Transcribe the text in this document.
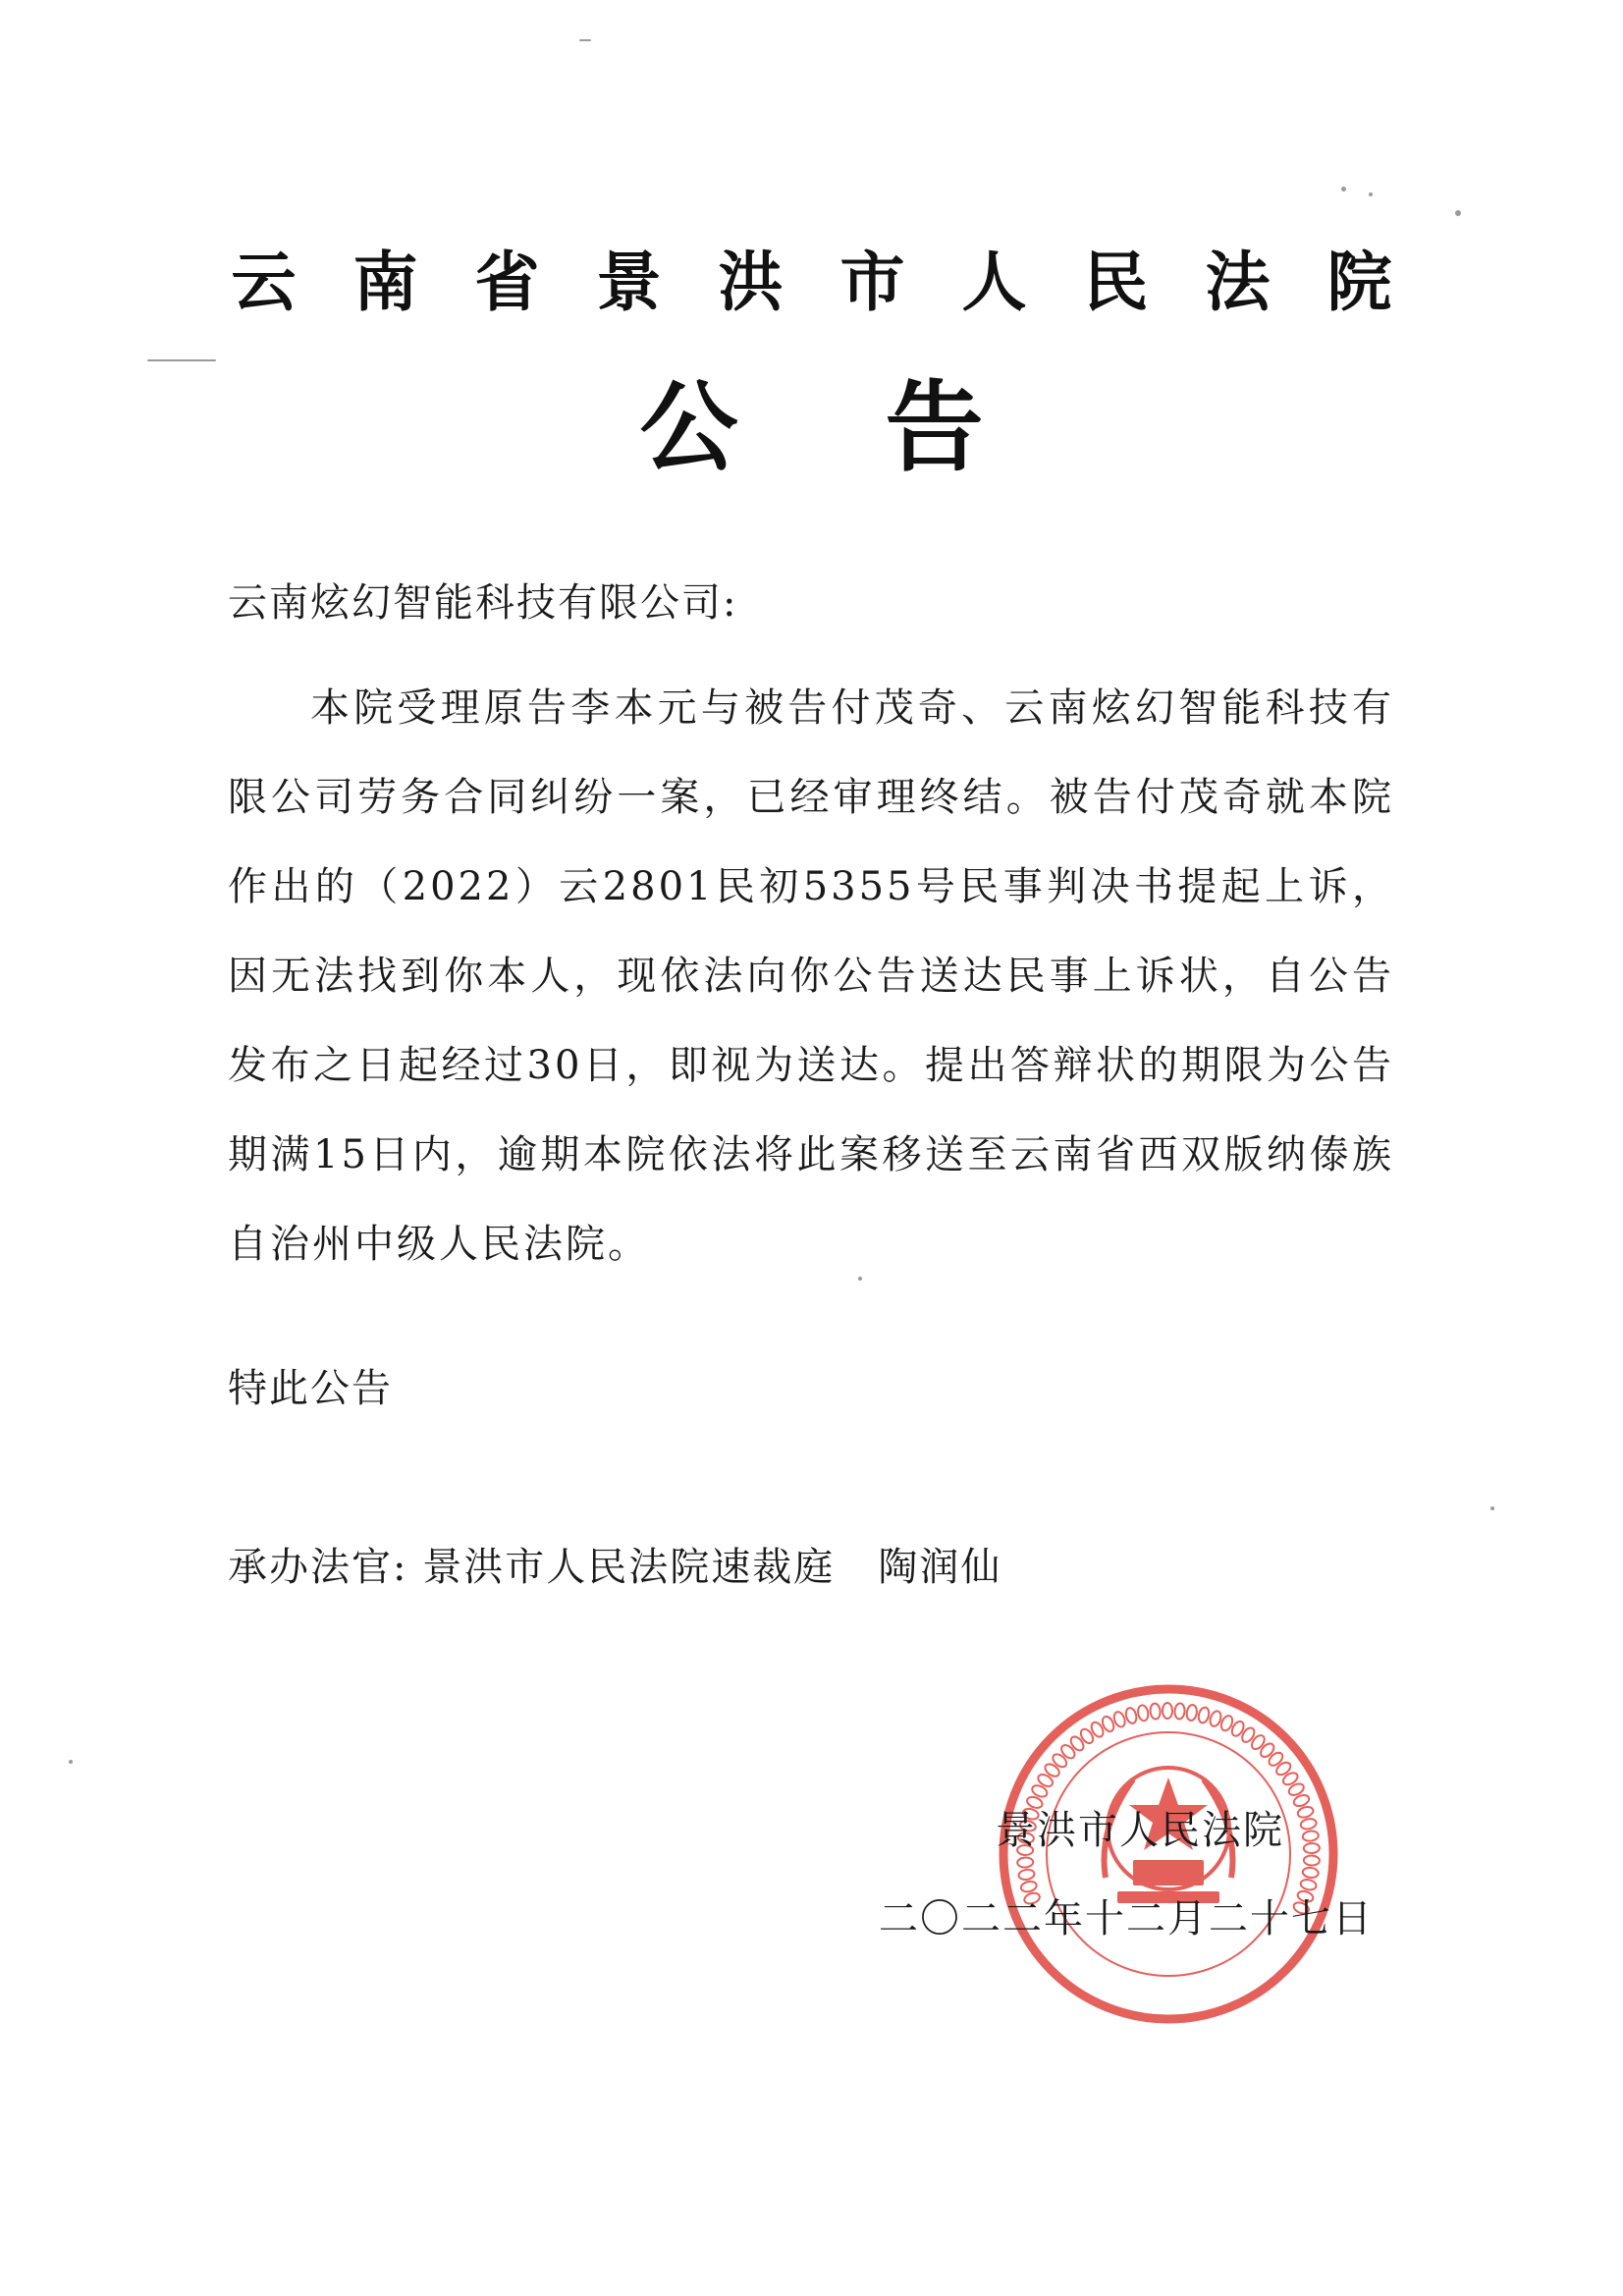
云南省景洪市人民法院
公告
云南炫幻智能科技有限公司:
本院受理原告李本元与被告付茂奇、云南炫幻智能科技有限公司劳务合同纠纷一案，已经审理终结。被告付茂奇就本院作出的（2022）云2801民初5355号民事判决书提起上诉，因无法找到你本人，现依法向你公告送达民事上诉状，自公告发布之日起经过30日，即视为送达。提出答辩状的期限为公告期满15日内，逾期本院依法将此案移送至云南省西双版纳傣族自治州中级人民法院。
特此公告
承办法官: 景洪市人民法院速裁庭 陶润仙
景洪市人民法院
二〇二二年十二月二十七日
